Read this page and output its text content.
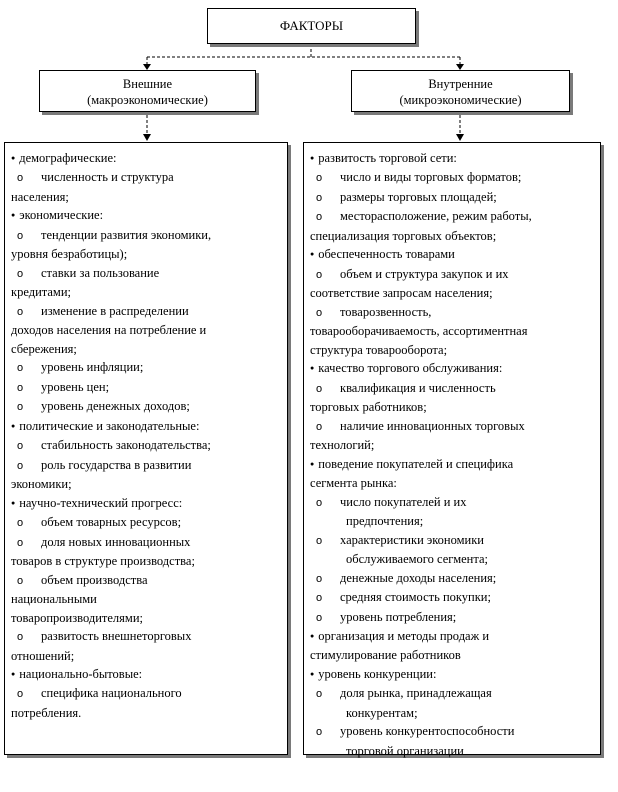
ФАКТОРЫ
Внешние
(макроэкономические)
Внутренние
(микроэкономические)
● демографические:
o численность и структура
населения;
● экономические:
o тенденции развития экономики,
уровня безработицы);
o ставки за пользование
кредитами;
o изменение в распределении
доходов населения на потребление и
сбережения;
o уровень инфляции;
o уровень цен;
o уровень денежных доходов;
● политические и законодательные:
o стабильность законодательства;
o роль государства в развитии
экономики;
● научно-технический прогресс:
o объем товарных ресурсов;
o доля новых инновационных
товаров в структуре производства;
o объем производства
национальными
товаропроизводителями;
o развитость внешнеторговых
отношений;
● национально-бытовые:
o специфика национального
потребления.
● развитость торговой сети:
o число и виды торговых форматов;
o размеры торговых площадей;
o месторасположение, режим работы,
специализация торговых объектов;
● обеспеченность товарами
o объем и структура закупок и их
соответствие запросам населения;
o товарозвенность,
товарооборачиваемость, ассортиментная
структура товарооборота;
● качество торгового обслуживания:
o квалификация и численность
торговых работников;
o наличие инновационных торговых
технологий;
● поведение покупателей и специфика
сегмента рынка:
o число покупателей и их
предпочтения;
o характеристики экономики
обслуживаемого сегмента;
o денежные доходы населения;
o средняя стоимость покупки;
o уровень потребления;
● организация и методы продаж и
стимулирование работников
● уровень конкуренции:
o доля рынка, принадлежащая
конкурентам;
o уровень конкурентоспособности
торговой организации
